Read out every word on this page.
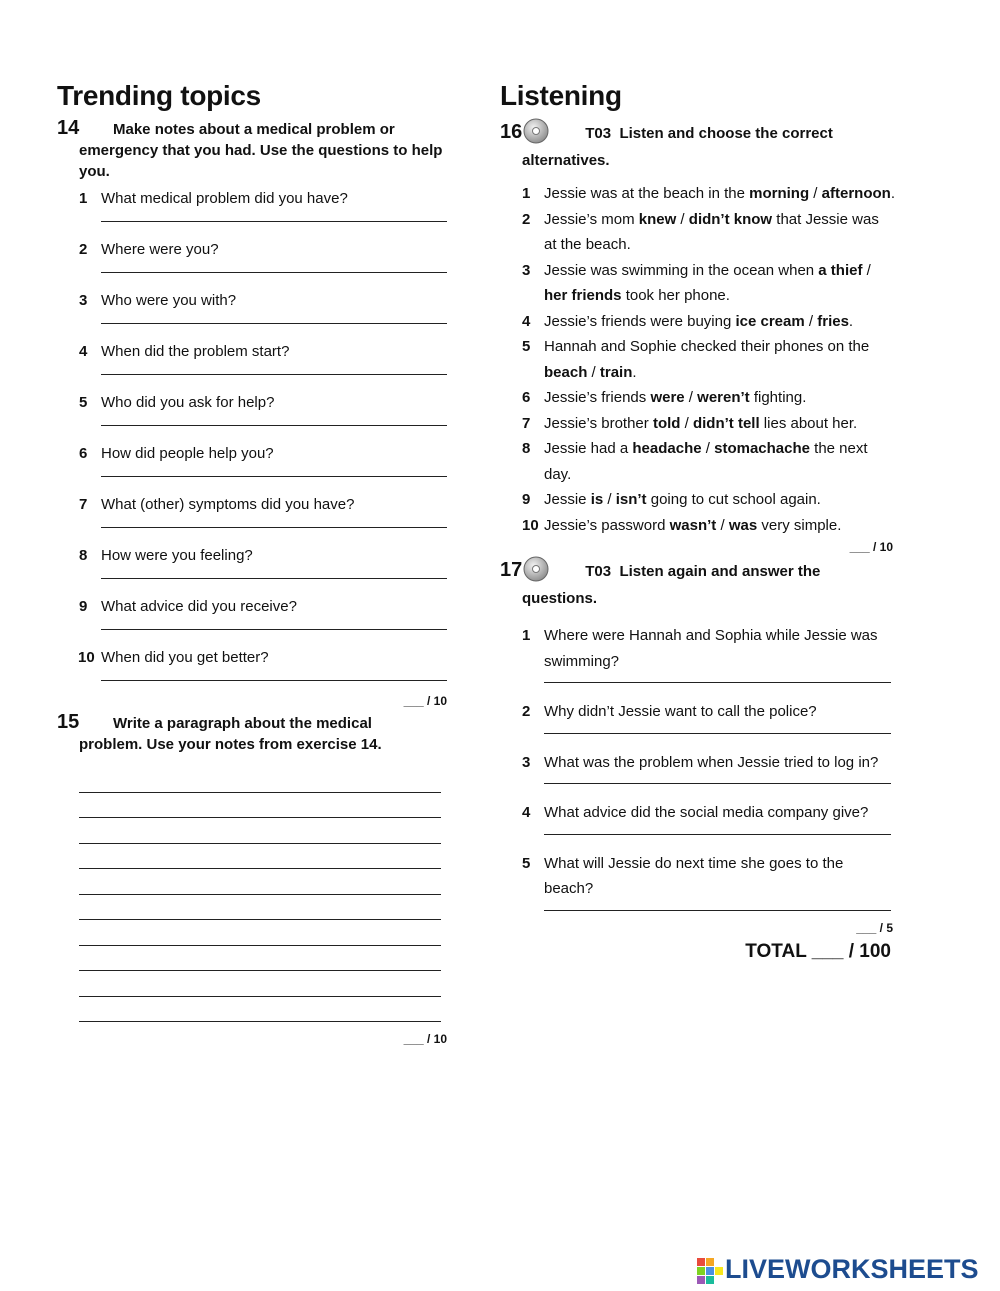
Trending topics
14 Make notes about a medical problem or
emergency that you had. Use the questions to help you.
1 What medical problem did you have?
2 Where were you?
3 Who were you with?
4 When did the problem start?
5 Who did you ask for help?
6 How did people help you?
7 What (other) symptoms did you have?
8 How were you feeling?
9 What advice did you receive?
10 When did you get better?
___ / 10
15 Write a paragraph about the medical
problem. Use your notes from exercise 14.
___ / 10
Listening
16	T03 Listen and choose the correct
alternatives.
1 Jessie was at the beach in the morning / afternoon.
2 Jessie’s mom knew / didn’t know that Jessie was at the beach.
3 Jessie was swimming in the ocean when a thief / her friends took her phone.
4 Jessie’s friends were buying ice cream / fries.
5 Hannah and Sophie checked their phones on the beach / train.
6 Jessie’s friends were / weren’t fighting.
7 Jessie’s brother told / didn’t tell lies about her.
8 Jessie had a headache / stomachache the next day.
9 Jessie is / isn’t going to cut school again.
10 Jessie’s password wasn’t / was very simple.
___ / 10
17	T03 Listen again and answer the
questions.
1 Where were Hannah and Sophia while Jessie was swimming?
2 Why didn’t Jessie want to call the police?
3 What was the problem when Jessie tried to log in?
4 What advice did the social media company give?
5 What will Jessie do next time she goes to the beach?
___ / 5
TOTAL ___ / 100
LIVEWORKSHEETS
